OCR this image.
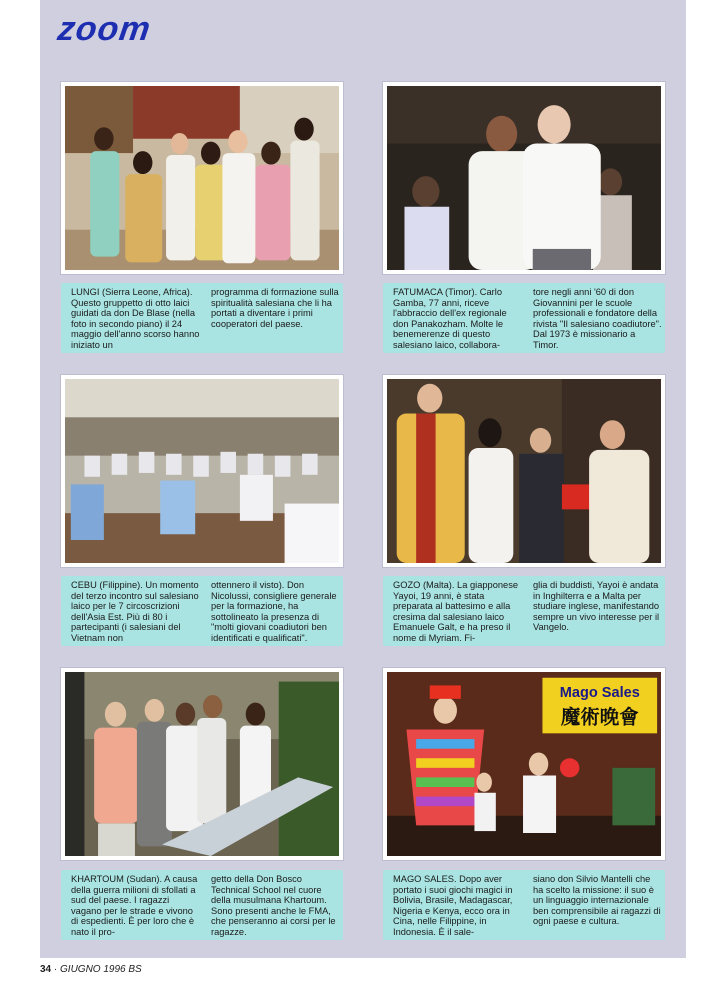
zoom
LUNGI (Sierra Leone, Africa). Questo gruppetto di otto laici guidati da don De Blase (nella foto in secondo piano) il 24 maggio dell'anno scorso hanno iniziato un
programma di formazione sulla spiritualità salesiana che li ha portati a diventare i primi cooperatori del paese.
FATUMACA (Timor). Carlo Gamba, 77 anni, riceve l'abbraccio dell'ex regionale don Panakozham. Molte le benemerenze di questo salesiano laico, collabora-
tore negli anni '60 di don Giovannini per le scuole professionali e fondatore della rivista "Il salesiano coadiutore". Dal 1973 è missionario a Timor.
CEBU (Filippine). Un momento del terzo incontro sul salesiano laico per le 7 circoscrizioni dell'Asia Est. Più di 80 i partecipanti (i salesiani del Vietnam non
ottennero il visto). Don Nicolussi, consigliere generale per la formazione, ha sottolineato la presenza di "molti giovani coadiutori ben identificati e qualificati".
GOZO (Malta). La giapponese Yayoi, 19 anni, è stata preparata al battesimo e alla cresima dal salesiano laico Emanuele Galt, e ha preso il nome di Myriam. Fi-
glia di buddisti, Yayoi è andata in Inghilterra e a Malta per studiare inglese, manifestando sempre un vivo interesse per il Vangelo.
Mago Sales
魔術晚會
KHARTOUM (Sudan). A causa della guerra milioni di sfollati a sud del paese. I ragazzi vagano per le strade e vivono di espedienti. È per loro che è nato il pro-
getto della Don Bosco Technical School nel cuore della musulmana Khartoum. Sono presenti anche le FMA, che penseranno ai corsi per le ragazze.
MAGO SALES. Dopo aver portato i suoi giochi magici in Bolivia, Brasile, Madagascar, Nigeria e Kenya, ecco ora in Cina, nelle Filippine, in Indonesia. È il sale-
siano don Silvio Mantelli che ha scelto la missione: il suo è un linguaggio internazionale ben comprensibile ai ragazzi di ogni paese e cultura.
34 · GIUGNO 1996 BS
